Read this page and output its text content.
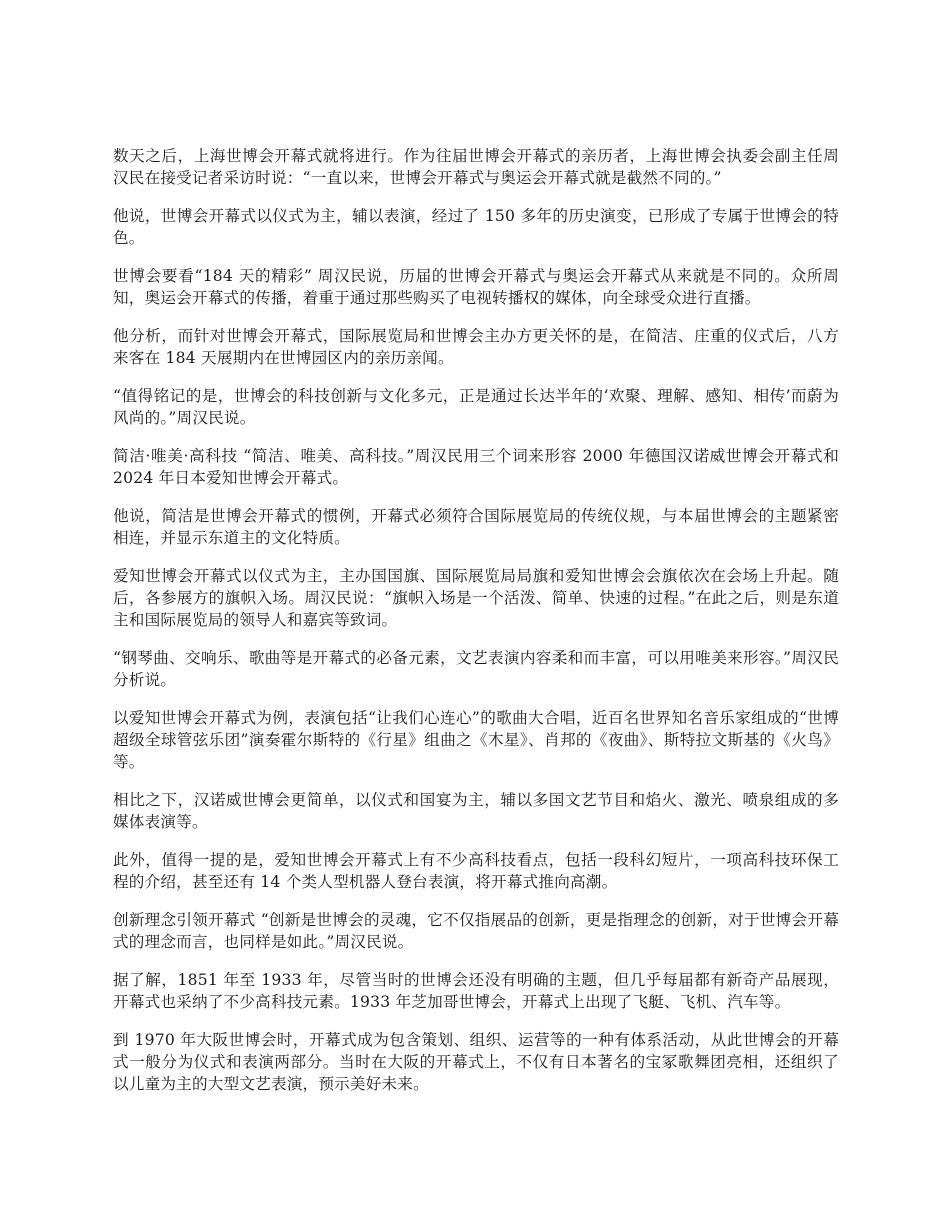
数天之后，上海世博会开幕式就将进行。作为往届世博会开幕式的亲历者，上海世博会执委会副主任周汉民在接受记者采访时说：“一直以来，世博会开幕式与奥运会开幕式就是截然不同的。”

他说，世博会开幕式以仪式为主，辅以表演，经过了 150 多年的历史演变，已形成了专属于世博会的特色。

世博会要看“184 天的精彩” 周汉民说，历届的世博会开幕式与奥运会开幕式从来就是不同的。众所周知，奥运会开幕式的传播，着重于通过那些购买了电视转播权的媒体，向全球受众进行直播。

他分析，而针对世博会开幕式，国际展览局和世博会主办方更关怀的是，在简洁、庄重的仪式后，八方来客在 184 天展期内在世博园区内的亲历亲闻。

“值得铭记的是，世博会的科技创新与文化多元，正是通过长达半年的‘欢聚、理解、感知、相传’而蔚为风尚的。”周汉民说。

简洁·唯美·高科技 “简洁、唯美、高科技。”周汉民用三个词来形容 2000 年德国汉诺威世博会开幕式和 2024 年日本爱知世博会开幕式。

他说，简洁是世博会开幕式的惯例，开幕式必须符合国际展览局的传统仪规，与本届世博会的主题紧密相连，并显示东道主的文化特质。

爱知世博会开幕式以仪式为主，主办国国旗、国际展览局局旗和爱知世博会会旗依次在会场上升起。随后，各参展方的旗帜入场。周汉民说：“旗帜入场是一个活泼、简单、快速的过程。”在此之后，则是东道主和国际展览局的领导人和嘉宾等致词。

“钢琴曲、交响乐、歌曲等是开幕式的必备元素，文艺表演内容柔和而丰富，可以用唯美来形容。”周汉民分析说。

以爱知世博会开幕式为例，表演包括“让我们心连心”的歌曲大合唱，近百名世界知名音乐家组成的“世博超级全球管弦乐团”演奏霍尔斯特的《行星》组曲之《木星》、肖邦的《夜曲》、斯特拉文斯基的《火鸟》等。

相比之下，汉诺威世博会更简单，以仪式和国宴为主，辅以多国文艺节目和焰火、激光、喷泉组成的多媒体表演等。

此外，值得一提的是，爱知世博会开幕式上有不少高科技看点，包括一段科幻短片，一项高科技环保工程的介绍，甚至还有 14 个类人型机器人登台表演，将开幕式推向高潮。

创新理念引领开幕式 “创新是世博会的灵魂，它不仅指展品的创新，更是指理念的创新，对于世博会开幕式的理念而言，也同样是如此。”周汉民说。

据了解，1851 年至 1933 年，尽管当时的世博会还没有明确的主题，但几乎每届都有新奇产品展现，开幕式也采纳了不少高科技元素。1933 年芝加哥世博会，开幕式上出现了飞艇、飞机、汽车等。

到 1970 年大阪世博会时，开幕式成为包含策划、组织、运营等的一种有体系活动，从此世博会的开幕式一般分为仪式和表演两部分。当时在大阪的开幕式上，不仅有日本著名的宝冢歌舞团亮相，还组织了以儿童为主的大型文艺表演，预示美好未来。
